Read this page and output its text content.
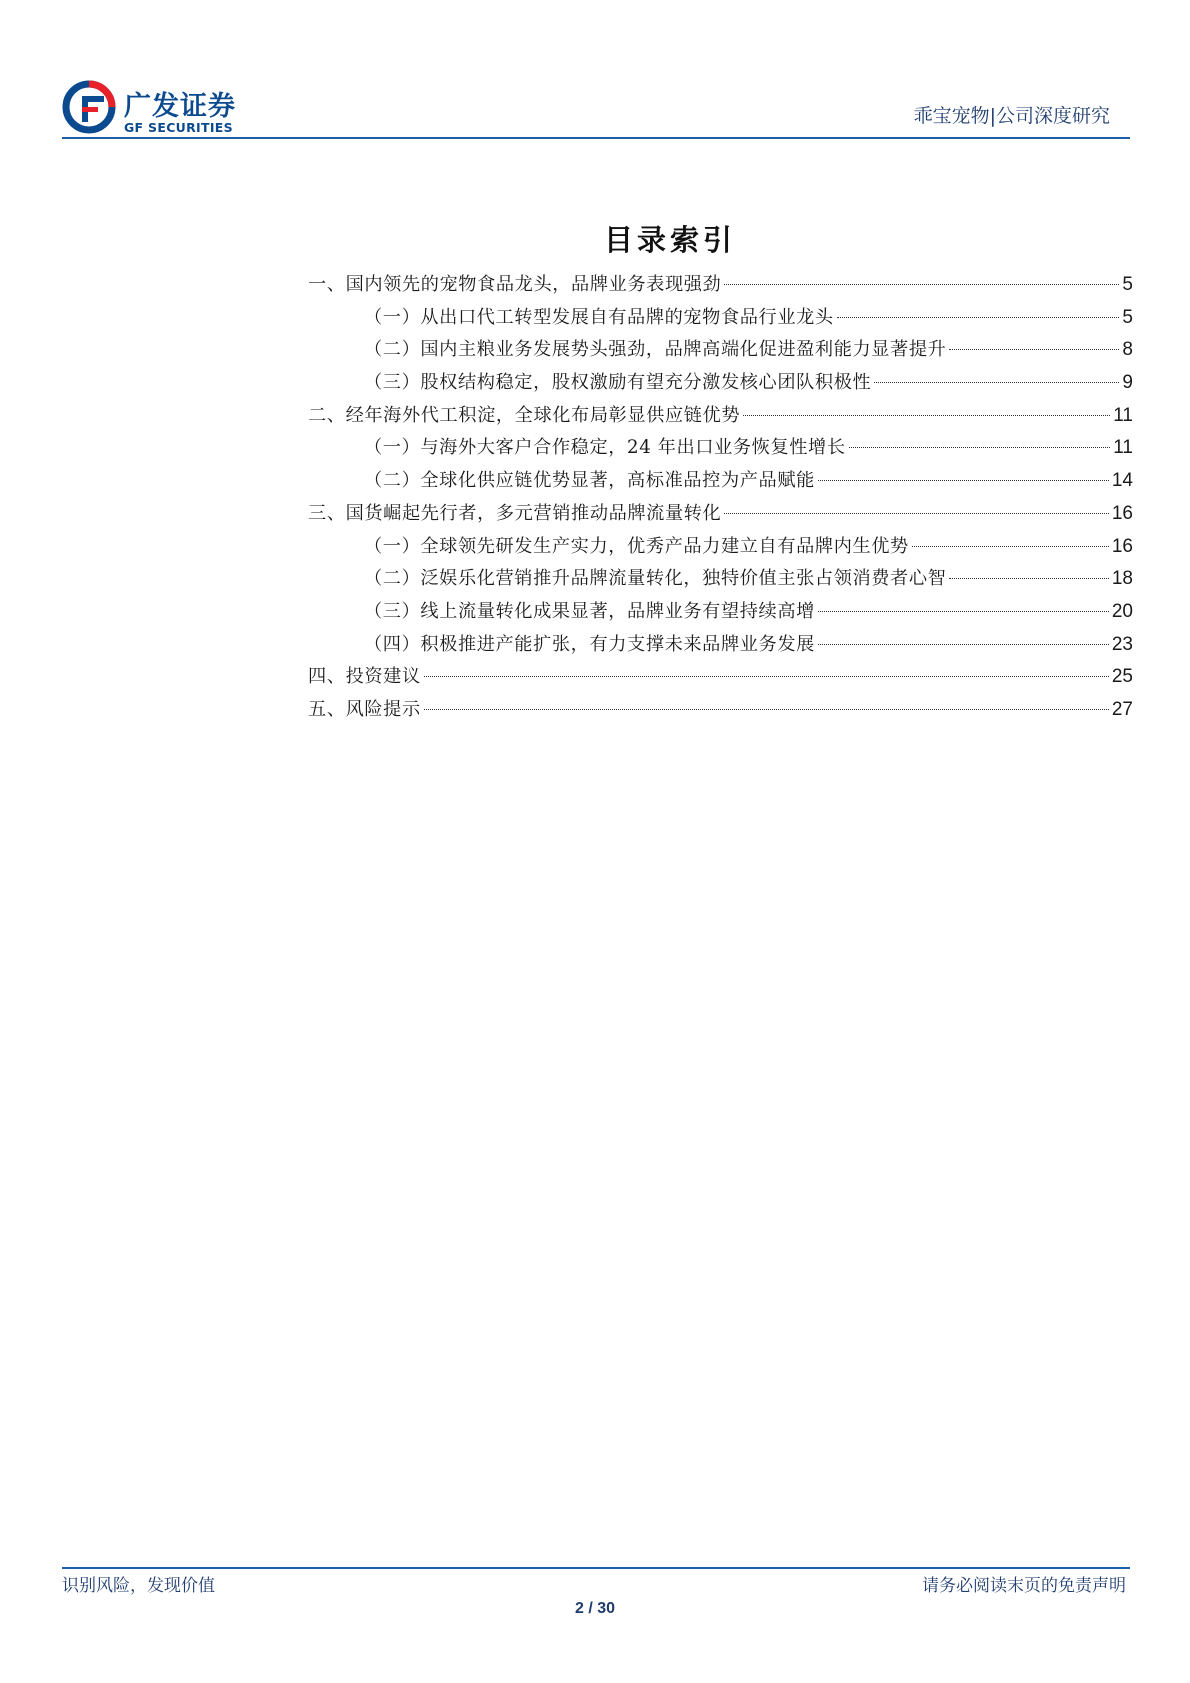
广发证券
GF SECURITIES
乖宝宠物|公司深度研究
目录索引
一、国内领先的宠物食品龙头，品牌业务表现强劲	5
（一）从出口代工转型发展自有品牌的宠物食品行业龙头	5
（二）国内主粮业务发展势头强劲，品牌高端化促进盈利能力显著提升	8
（三）股权结构稳定，股权激励有望充分激发核心团队积极性	9
二、经年海外代工积淀，全球化布局彰显供应链优势	11
（一）与海外大客户合作稳定，24 年出口业务恢复性增长	11
（二）全球化供应链优势显著，高标准品控为产品赋能	14
三、国货崛起先行者，多元营销推动品牌流量转化	16
（一）全球领先研发生产实力，优秀产品力建立自有品牌内生优势	16
（二）泛娱乐化营销推升品牌流量转化，独特价值主张占领消费者心智	18
（三）线上流量转化成果显著，品牌业务有望持续高增	20
（四）积极推进产能扩张，有力支撑未来品牌业务发展	23
四、投资建议	25
五、风险提示	27
识别风险，发现价值	请务必阅读末页的免责声明
2 / 30
